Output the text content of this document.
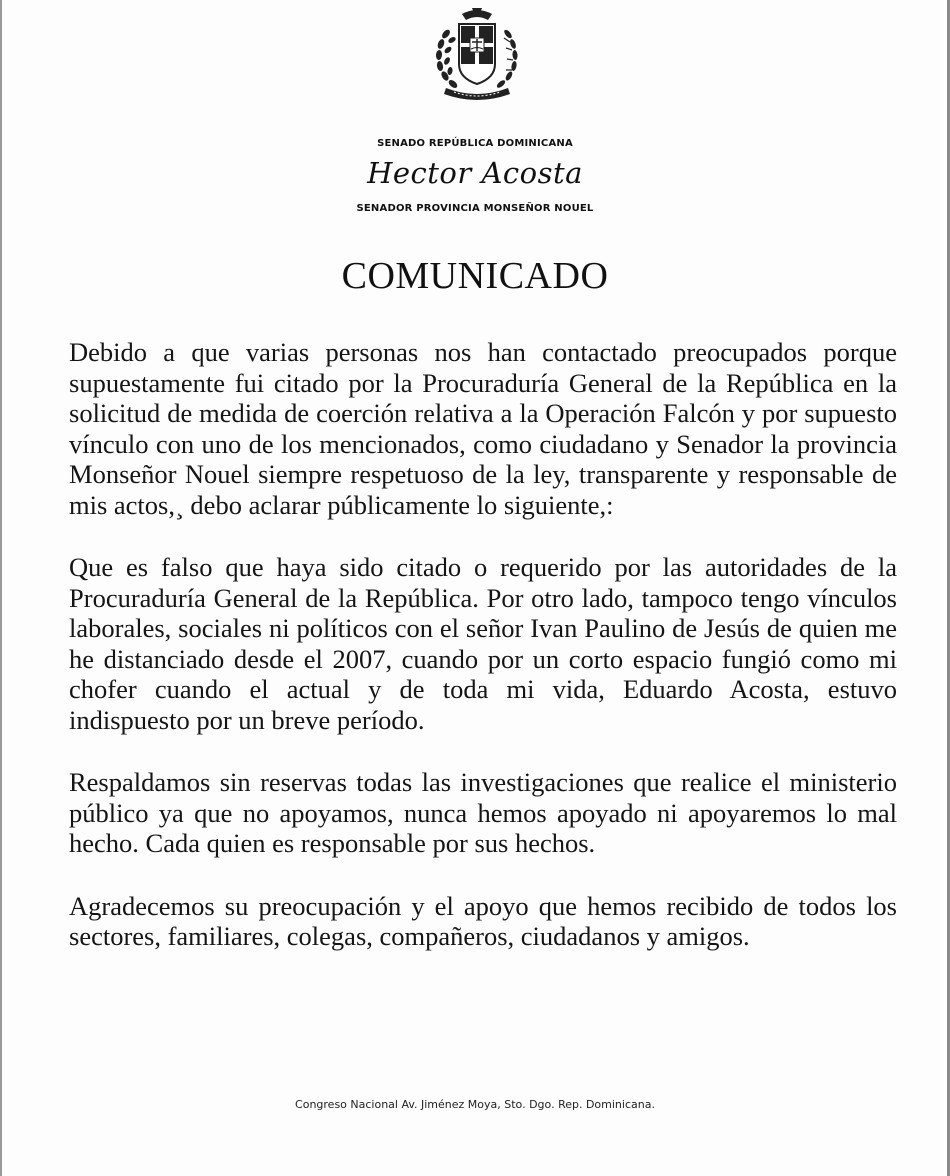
SENADO REPÚBLICA DOMINICANA
Hector Acosta
SENADOR PROVINCIA MONSEÑOR NOUEL
COMUNICADO

Debido a que varias personas nos han contactado preocupados porque supuestamente fui citado por la Procuraduría General de la República en la solicitud de medida de coerción relativa a la Operación Falcón y por supuesto vínculo con uno de los mencionados, como ciudadano y Senador la provincia Monseñor Nouel siempre respetuoso de la ley, transparente y responsable de mis actos,¸ debo aclarar públicamente lo siguiente,:

Que es falso que haya sido citado o requerido por las autoridades de la Procuraduría General de la República. Por otro lado, tampoco tengo vínculos laborales, sociales ni políticos con el señor Ivan Paulino de Jesús de quien me he distanciado desde el 2007, cuando por un corto espacio fungió como mi chofer cuando el actual y de toda mi vida, Eduardo Acosta, estuvo indispuesto por un breve período.

Respaldamos sin reservas todas las investigaciones que realice el ministerio público ya que no apoyamos, nunca hemos apoyado ni apoyaremos lo mal hecho. Cada quien es responsable por sus hechos.

Agradecemos su preocupación y el apoyo que hemos recibido de todos los sectores, familiares, colegas, compañeros, ciudadanos y amigos.

Congreso Nacional Av. Jiménez Moya, Sto. Dgo. Rep. Dominicana.
